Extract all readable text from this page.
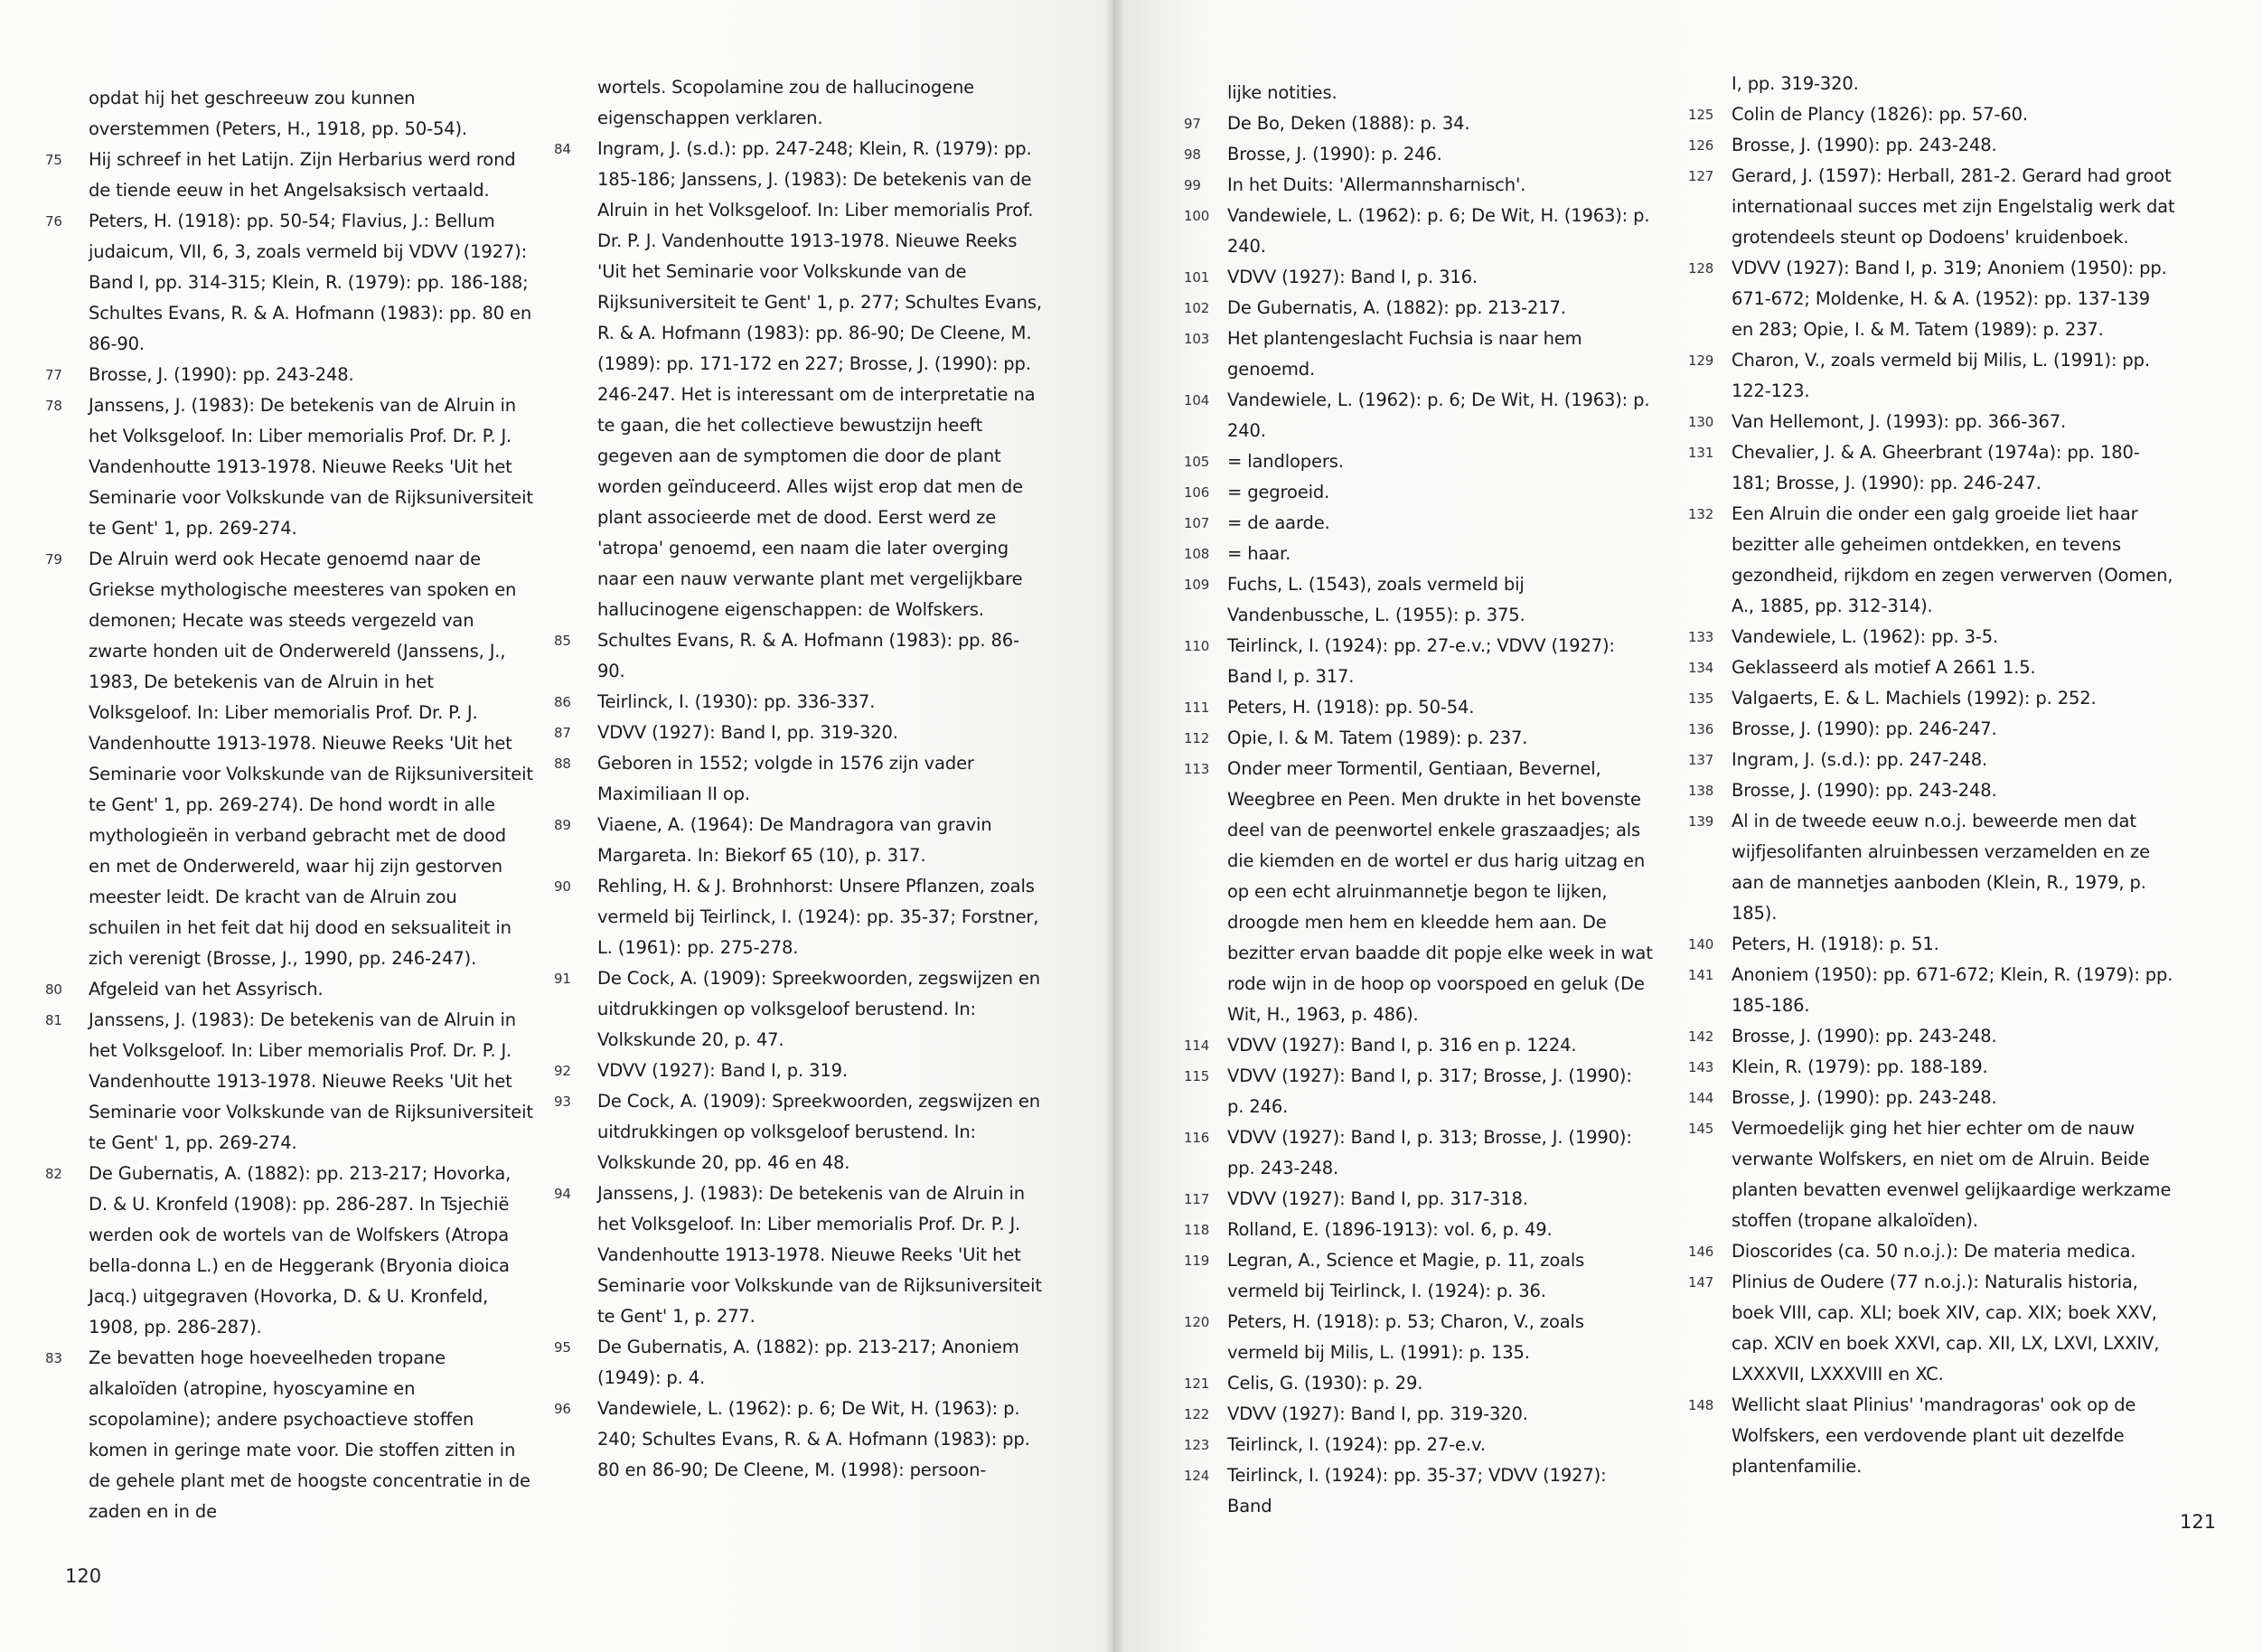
opdat hij het geschreeuw zou kunnen overstemmen (Peters, H., 1918, pp. 50-54).
75	Hij schreef in het Latijn. Zijn Herbarius werd rond de tiende eeuw in het Angelsaksisch vertaald.
76	Peters, H. (1918): pp. 50-54; Flavius, J.: Bellum judaicum, VII, 6, 3, zoals vermeld bij VDVV (1927): Band I, pp. 314-315; Klein, R. (1979): pp. 186-188; Schultes Evans, R. & A. Hofmann (1983): pp. 80 en 86-90.
77	Brosse, J. (1990): pp. 243-248.
78	Janssens, J. (1983): De betekenis van de Alruin in het Volksgeloof. In: Liber memorialis Prof. Dr. P. J. Vandenhoutte 1913-1978. Nieuwe Reeks 'Uit het Seminarie voor Volkskunde van de Rijksuniversiteit te Gent' 1, pp. 269-274.
79	De Alruin werd ook Hecate genoemd naar de Griekse mythologische meesteres van spoken en demonen; Hecate was steeds vergezeld van zwarte honden uit de Onderwereld (Janssens, J., 1983, De betekenis van de Alruin in het Volksgeloof. In: Liber memorialis Prof. Dr. P. J. Vandenhoutte 1913-1978. Nieuwe Reeks 'Uit het Seminarie voor Volkskunde van de Rijksuniversiteit te Gent' 1, pp. 269-274). De hond wordt in alle mythologieën in verband gebracht met de dood en met de Onderwereld, waar hij zijn gestorven meester leidt. De kracht van de Alruin zou schuilen in het feit dat hij dood en seksualiteit in zich verenigt (Brosse, J., 1990, pp. 246-247).
80	Afgeleid van het Assyrisch.
81	Janssens, J. (1983): De betekenis van de Alruin in het Volksgeloof. In: Liber memorialis Prof. Dr. P. J. Vandenhoutte 1913-1978. Nieuwe Reeks 'Uit het Seminarie voor Volkskunde van de Rijksuniversiteit te Gent' 1, pp. 269-274.
82	De Gubernatis, A. (1882): pp. 213-217; Hovorka, D. & U. Kronfeld (1908): pp. 286-287. In Tsjechië werden ook de wortels van de Wolfskers (Atropa bella-donna L.) en de Heggerank (Bryonia dioica Jacq.) uitgegraven (Hovorka, D. & U. Kronfeld, 1908, pp. 286-287).
83	Ze bevatten hoge hoeveelheden tropane alkaloïden (atropine, hyoscyamine en scopolamine); andere psychoactieve stoffen komen in geringe mate voor. Die stoffen zitten in de gehele plant met de hoogste concentratie in de zaden en in de
wortels. Scopolamine zou de hallucinogene eigenschappen verklaren.
84	Ingram, J. (s.d.): pp. 247-248; Klein, R. (1979): pp. 185-186; Janssens, J. (1983): De betekenis van de Alruin in het Volksgeloof. In: Liber memorialis Prof. Dr. P. J. Vandenhoutte 1913-1978. Nieuwe Reeks 'Uit het Seminarie voor Volkskunde van de Rijksuniversiteit te Gent' 1, p. 277; Schultes Evans, R. & A. Hofmann (1983): pp. 86-90; De Cleene, M. (1989): pp. 171-172 en 227; Brosse, J. (1990): pp. 246-247. Het is interessant om de interpretatie na te gaan, die het collectieve bewustzijn heeft gegeven aan de symptomen die door de plant worden geïnduceerd. Alles wijst erop dat men de plant associeerde met de dood. Eerst werd ze 'atropa' genoemd, een naam die later overging naar een nauw verwante plant met vergelijkbare hallucinogene eigenschappen: de Wolfskers.
85	Schultes Evans, R. & A. Hofmann (1983): pp. 86-90.
86	Teirlinck, I. (1930): pp. 336-337.
87	VDVV (1927): Band I, pp. 319-320.
88	Geboren in 1552; volgde in 1576 zijn vader Maximiliaan II op.
89	Viaene, A. (1964): De Mandragora van gravin Margareta. In: Biekorf 65 (10), p. 317.
90	Rehling, H. & J. Brohnhorst: Unsere Pflanzen, zoals vermeld bij Teirlinck, I. (1924): pp. 35-37; Forstner, L. (1961): pp. 275-278.
91	De Cock, A. (1909): Spreekwoorden, zegswijzen en uitdrukkingen op volksgeloof berustend. In: Volkskunde 20, p. 47.
92	VDVV (1927): Band I, p. 319.
93	De Cock, A. (1909): Spreekwoorden, zegswijzen en uitdrukkingen op volksgeloof berustend. In: Volkskunde 20, pp. 46 en 48.
94	Janssens, J. (1983): De betekenis van de Alruin in het Volksgeloof. In: Liber memorialis Prof. Dr. P. J. Vandenhoutte 1913-1978. Nieuwe Reeks 'Uit het Seminarie voor Volkskunde van de Rijksuniversiteit te Gent' 1, p. 277.
95	De Gubernatis, A. (1882): pp. 213-217; Anoniem (1949): p. 4.
96	Vandewiele, L. (1962): p. 6; De Wit, H. (1963): p. 240; Schultes Evans, R. & A. Hofmann (1983): pp. 80 en 86-90; De Cleene, M. (1998): persoon-
120
lijke notities.
97	De Bo, Deken (1888): p. 34.
98	Brosse, J. (1990): p. 246.
99	In het Duits: 'Allermannsharnisch'.
100	Vandewiele, L. (1962): p. 6; De Wit, H. (1963): p. 240.
101	VDVV (1927): Band I, p. 316.
102	De Gubernatis, A. (1882): pp. 213-217.
103	Het plantengeslacht Fuchsia is naar hem genoemd.
104	Vandewiele, L. (1962): p. 6; De Wit, H. (1963): p. 240.
105	= landlopers.
106	= gegroeid.
107	= de aarde.
108	= haar.
109	Fuchs, L. (1543), zoals vermeld bij Vandenbussche, L. (1955): p. 375.
110	Teirlinck, I. (1924): pp. 27-e.v.; VDVV (1927): Band I, p. 317.
111	Peters, H. (1918): pp. 50-54.
112	Opie, I. & M. Tatem (1989): p. 237.
113	Onder meer Tormentil, Gentiaan, Bevernel, Weegbree en Peen. Men drukte in het bovenste deel van de peenwortel enkele graszaadjes; als die kiemden en de wortel er dus harig uitzag en op een echt alruinmannetje begon te lijken, droogde men hem en kleedde hem aan. De bezitter ervan baadde dit popje elke week in wat rode wijn in de hoop op voorspoed en geluk (De Wit, H., 1963, p. 486).
114	VDVV (1927): Band I, p. 316 en p. 1224.
115	VDVV (1927): Band I, p. 317; Brosse, J. (1990): p. 246.
116	VDVV (1927): Band I, p. 313; Brosse, J. (1990): pp. 243-248.
117	VDVV (1927): Band I, pp. 317-318.
118	Rolland, E. (1896-1913): vol. 6, p. 49.
119	Legran, A., Science et Magie, p. 11, zoals vermeld bij Teirlinck, I. (1924): p. 36.
120	Peters, H. (1918): p. 53; Charon, V., zoals vermeld bij Milis, L. (1991): p. 135.
121	Celis, G. (1930): p. 29.
122	VDVV (1927): Band I, pp. 319-320.
123	Teirlinck, I. (1924): pp. 27-e.v.
124	Teirlinck, I. (1924): pp. 35-37; VDVV (1927): Band
I, pp. 319-320.
125	Colin de Plancy (1826): pp. 57-60.
126	Brosse, J. (1990): pp. 243-248.
127	Gerard, J. (1597): Herball, 281-2. Gerard had groot internationaal succes met zijn Engelstalig werk dat grotendeels steunt op Dodoens' kruidenboek.
128	VDVV (1927): Band I, p. 319; Anoniem (1950): pp. 671-672; Moldenke, H. & A. (1952): pp. 137-139 en 283; Opie, I. & M. Tatem (1989): p. 237.
129	Charon, V., zoals vermeld bij Milis, L. (1991): pp. 122-123.
130	Van Hellemont, J. (1993): pp. 366-367.
131	Chevalier, J. & A. Gheerbrant (1974a): pp. 180-181; Brosse, J. (1990): pp. 246-247.
132	Een Alruin die onder een galg groeide liet haar bezitter alle geheimen ontdekken, en tevens gezondheid, rijkdom en zegen verwerven (Oomen, A., 1885, pp. 312-314).
133	Vandewiele, L. (1962): pp. 3-5.
134	Geklasseerd als motief A 2661 1.5.
135	Valgaerts, E. & L. Machiels (1992): p. 252.
136	Brosse, J. (1990): pp. 246-247.
137	Ingram, J. (s.d.): pp. 247-248.
138	Brosse, J. (1990): pp. 243-248.
139	Al in de tweede eeuw n.o.j. beweerde men dat wijfjesolifanten alruinbessen verzamelden en ze aan de mannetjes aanboden (Klein, R., 1979, p. 185).
140	Peters, H. (1918): p. 51.
141	Anoniem (1950): pp. 671-672; Klein, R. (1979): pp. 185-186.
142	Brosse, J. (1990): pp. 243-248.
143	Klein, R. (1979): pp. 188-189.
144	Brosse, J. (1990): pp. 243-248.
145	Vermoedelijk ging het hier echter om de nauw verwante Wolfskers, en niet om de Alruin. Beide planten bevatten evenwel gelijkaardige werkzame stoffen (tropane alkaloïden).
146	Dioscorides (ca. 50 n.o.j.): De materia medica.
147	Plinius de Oudere (77 n.o.j.): Naturalis historia, boek VIII, cap. XLI; boek XIV, cap. XIX; boek XXV, cap. XCIV en boek XXVI, cap. XII, LX, LXVI, LXXIV, LXXXVII, LXXXVIII en XC.
148	Wellicht slaat Plinius' 'mandragoras' ook op de Wolfskers, een verdovende plant uit dezelfde plantenfamilie.
121
